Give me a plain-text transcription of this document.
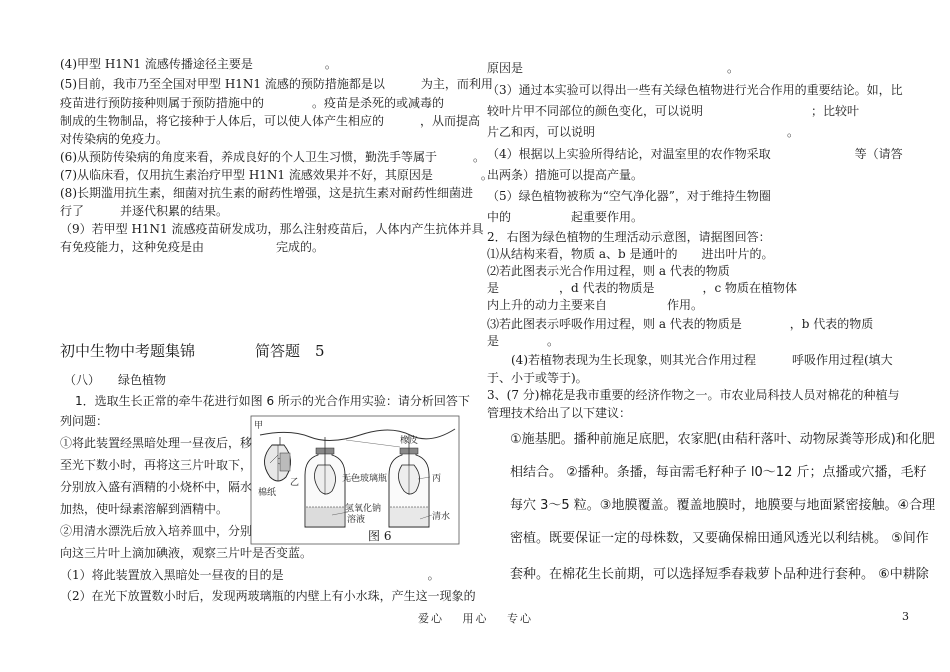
(4)甲型 H1N1 流感传播途径主要是　　　　　　。
(5)目前，我市乃至全国对甲型 H1N1 流感的预防措施都是以　　　为主，而利用
疫苗进行预防接种则属于预防措施中的　　　　。疫苗是杀死的或减毒的
制成的生物制品，将它接种于人体后，可以使人体产生相应的　　　，从而提高
对传染病的免疫力。
(6)从预防传染病的角度来看，养成良好的个人卫生习惯，勤洗手等属于　　　。
(7)从临床看，仅用抗生素治疗甲型 H1N1 流感效果并不好，其原因是　　　　。
(8)长期滥用抗生素，细菌对抗生素的耐药性增强，这是抗生素对耐药性细菌进
行了　　　并逐代积累的结果。
（9）若甲型 H1N1 流感疫苗研发成功，那么注射疫苗后，人体内产生抗体并具
有免疫能力，这种免疫是由　　　　　　完成的。
初中生物中考题集锦　　　　简答题　5
（八）　　绿色植物
1．选取生长正常的牵牛花进行如图 6 所示的光合作用实验：请分析回答下
列问题：
①将此装置经黑暗处理一昼夜后，移
至光下数小时，再将这三片叶取下，
分别放入盛有酒精的小烧杯中，隔水
加热，使叶绿素溶解到酒精中。
②用清水漂洗后放入培养皿中，分别
向这三片叶上滴加碘液，观察三片叶是否变蓝。
（1）将此装置放入黑暗处一昼夜的目的是　　　　　　　　　　　　。
（2）在光下放置数小时后，发现两玻璃瓶的内壁上有小水珠，产生这一现象的
甲
棉纸
乙
橡皮
无色玻璃瓶	丙
氢氧化钠
溶液	清水
图 6
原因是　　　　　　　　　　　　　　　　　。
（3）通过本实验可以得出一些有关绿色植物进行光合作用的重要结论。如，比
较叶片甲不同部位的颜色变化，可以说明　　　　　　　　　；比较叶
片乙和丙，可以说明　　　　　　　　　　　　　　　　。
（4）根据以上实验所得结论，对温室里的农作物采取　　　　　　　等（请答
出两条）措施可以提高产量。
（5）绿色植物被称为“空气净化器”，对于维持生物圈
中的　　　　　起重要作用。
2．右图为绿色植物的生理活动示意图，请据图回答：
⑴从结构来看，物质 a、b 是通叶的　　进出叶片的。
⑵若此图表示光合作用过程，则 a 代表的物质
是　　　　　，d 代表的物质是　　　　，c 物质在植物体
内上升的动力主要来自　　　　　作用。
⑶若此图表示呼吸作用过程，则 a 代表的物质是　　　　，b 代表的物质
是　　　　。
　　(4)若植物表现为生长现象，则其光合作用过程　　　呼吸作用过程(填大
于、小于或等于)。
3、(7 分)棉花是我市重要的经济作物之一。市农业局科技人员对棉花的种植与
管理技术给出了以下建议：
①施基肥。播种前施足底肥，农家肥(由秸秆落叶、动物尿粪等形成)和化肥
相结合。 ②播种。条播，每亩需毛籽种子 l0～12 斤；点播或穴播，毛籽
每穴 3～5 粒。③地膜覆盖。覆盖地膜时，地膜要与地面紧密接触。④合理
密植。既要保证一定的母株数，又要确保棉田通风透光以利结桃。 ⑤间作
套种。在棉花生长前期，可以选择短季春栽萝卜品种进行套种。 ⑥中耕除
爱心　 用心　 专心	3
